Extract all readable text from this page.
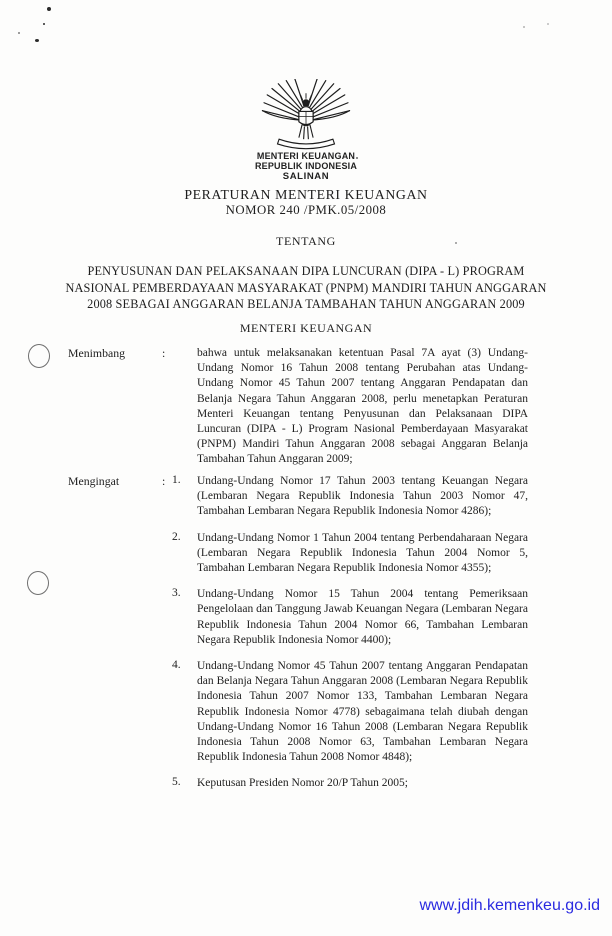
MENTERI KEUANGAN
REPUBLIK INDONESIA
SALINAN
PERATURAN MENTERI KEUANGAN
NOMOR 240 /PMK.05/2008
TENTANG
PENYUSUNAN DAN PELAKSANAAN DIPA LUNCURAN (DIPA - L) PROGRAM
NASIONAL PEMBERDAYAAN MASYARAKAT (PNPM) MANDIRI TAHUN ANGGARAN
2008 SEBAGAI ANGGARAN BELANJA TAMBAHAN TAHUN ANGGARAN 2009
MENTERI KEUANGAN
Menimbang	:	bahwa untuk melaksanakan ketentuan Pasal 7A ayat (3) Undang-Undang Nomor 16 Tahun 2008 tentang Perubahan atas Undang-Undang Nomor 45 Tahun 2007 tentang Anggaran Pendapatan dan Belanja Negara Tahun Anggaran 2008, perlu menetapkan Peraturan Menteri Keuangan tentang Penyusunan dan Pelaksanaan DIPA Luncuran (DIPA - L) Program Nasional Pemberdayaan Masyarakat (PNPM) Mandiri Tahun Anggaran 2008 sebagai Anggaran Belanja Tambahan Tahun Anggaran 2009;
Mengingat	: 1.	Undang-Undang Nomor 17 Tahun 2003 tentang Keuangan Negara (Lembaran Negara Republik Indonesia Tahun 2003 Nomor 47, Tambahan Lembaran Negara Republik Indonesia Nomor 4286);
2.	Undang-Undang Nomor 1 Tahun 2004 tentang Perbendaharaan Negara (Lembaran Negara Republik Indonesia Tahun 2004 Nomor 5, Tambahan Lembaran Negara Republik Indonesia Nomor 4355);
3.	Undang-Undang Nomor 15 Tahun 2004 tentang Pemeriksaan Pengelolaan dan Tanggung Jawab Keuangan Negara (Lembaran Negara Republik Indonesia Tahun 2004 Nomor 66, Tambahan Lembaran Negara Republik Indonesia Nomor 4400);
4.	Undang-Undang Nomor 45 Tahun 2007 tentang Anggaran Pendapatan dan Belanja Negara Tahun Anggaran 2008 (Lembaran Negara Republik Indonesia Tahun 2007 Nomor 133, Tambahan Lembaran Negara Republik Indonesia Nomor 4778) sebagaimana telah diubah dengan Undang-Undang Nomor 16 Tahun 2008 (Lembaran Negara Republik Indonesia Tahun 2008 Nomor 63, Tambahan Lembaran Negara Republik Indonesia Tahun 2008 Nomor 4848);
5.	Keputusan Presiden Nomor 20/P Tahun 2005;
www.jdih.kemenkeu.go.id
